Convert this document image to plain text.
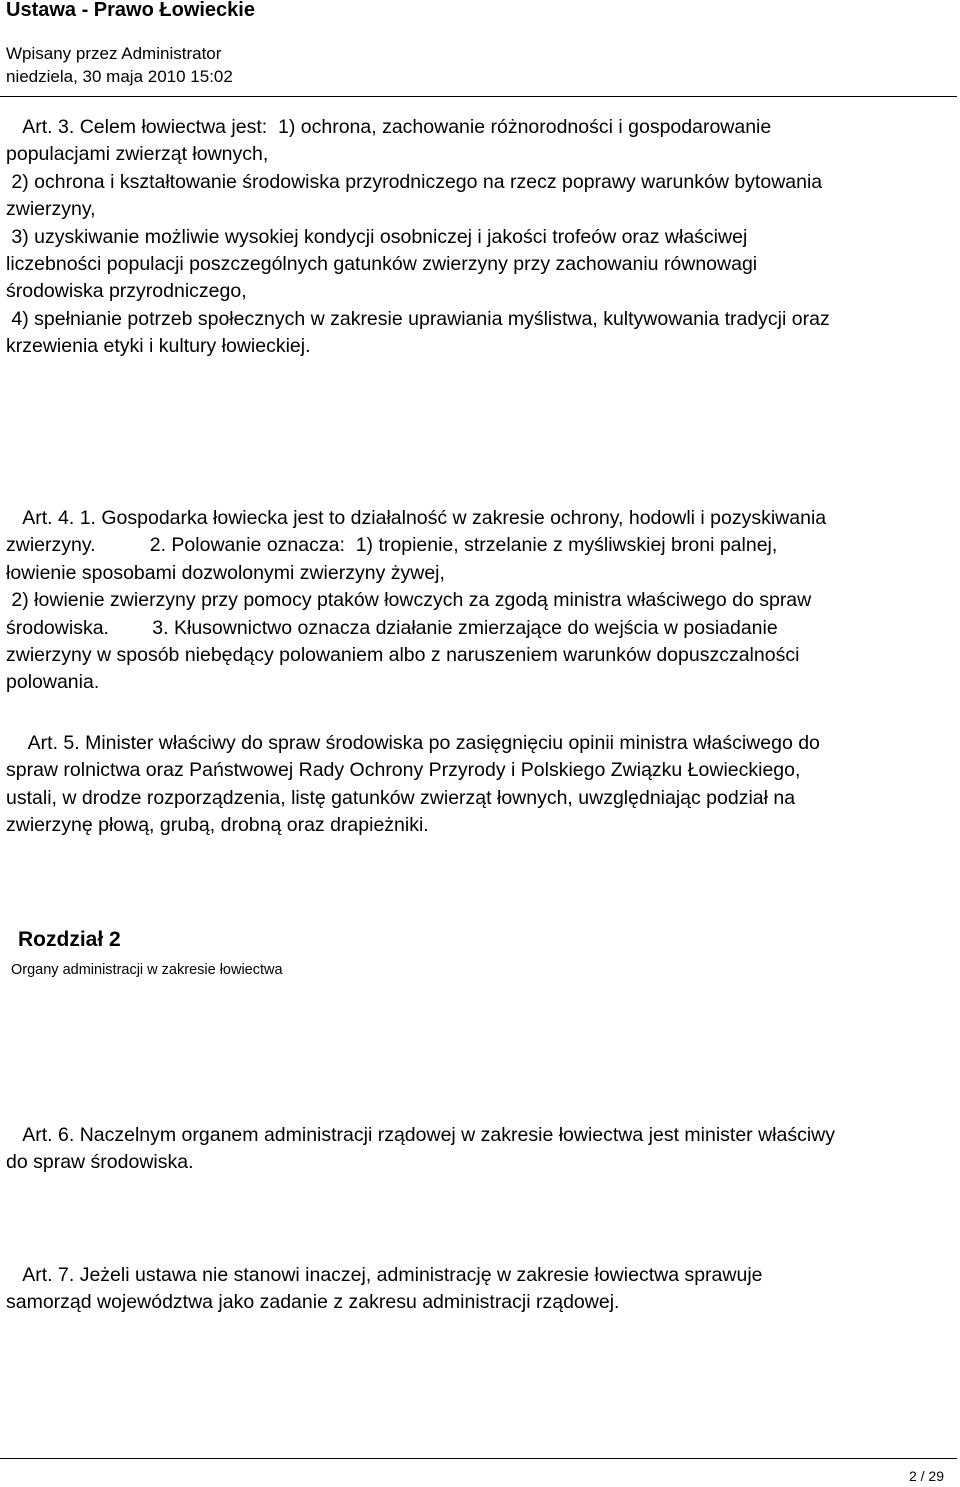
Ustawa - Prawo Łowieckie
Wpisany przez Administrator
niedziela, 30 maja 2010 15:02
Art. 3. Celem łowiectwa jest:  1) ochrona, zachowanie różnorodności i gospodarowanie
populacjami zwierząt łownych,
2) ochrona i kształtowanie środowiska przyrodniczego na rzecz poprawy warunków bytowania
zwierzyny,
3) uzyskiwanie możliwie wysokiej kondycji osobniczej i jakości trofeów oraz właściwej
liczebności populacji poszczególnych gatunków zwierzyny przy zachowaniu równowagi
środowiska przyrodniczego,
4) spełnianie potrzeb społecznych w zakresie uprawiania myślistwa, kultywowania tradycji oraz
krzewienia etyki i kultury łowieckiej.
Art. 4. 1. Gospodarka łowiecka jest to działalność w zakresie ochrony, hodowli i pozyskiwania
zwierzyny.          2. Polowanie oznacza:  1) tropienie, strzelanie z myśliwskiej broni palnej,
łowienie sposobami dozwolonymi zwierzyny żywej,
2) łowienie zwierzyny przy pomocy ptaków łowczych za zgodą ministra właściwego do spraw
środowiska.        3. Kłusownictwo oznacza działanie zmierzające do wejścia w posiadanie
zwierzyny w sposób niebędący polowaniem albo z naruszeniem warunków dopuszczalności
polowania.
Art. 5. Minister właściwy do spraw środowiska po zasięgnięciu opinii ministra właściwego do
spraw rolnictwa oraz Państwowej Rady Ochrony Przyrody i Polskiego Związku Łowieckiego,
ustali, w drodze rozporządzenia, listę gatunków zwierząt łownych, uwzględniając podział na
zwierzynę płową, grubą, drobną oraz drapieżniki.
Rozdział 2
Organy administracji w zakresie łowiectwa
Art. 6. Naczelnym organem administracji rządowej w zakresie łowiectwa jest minister właściwy
do spraw środowiska.
Art. 7. Jeżeli ustawa nie stanowi inaczej, administrację w zakresie łowiectwa sprawuje
samorząd województwa jako zadanie z zakresu administracji rządowej.
2 / 29
